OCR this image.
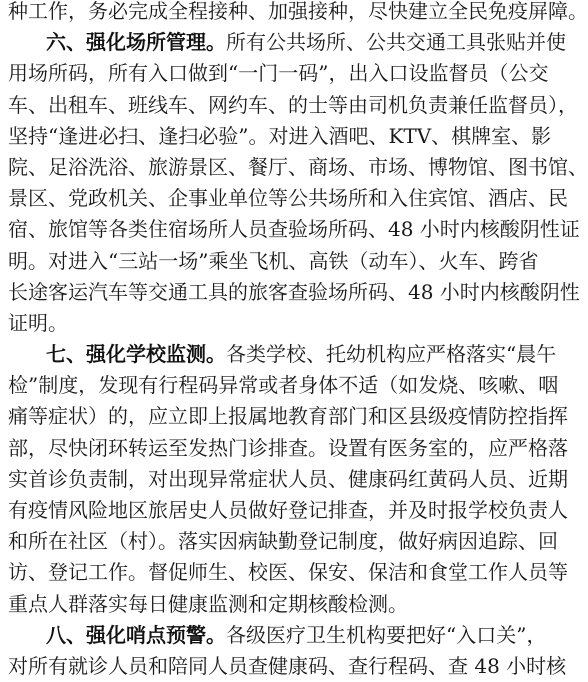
种工作，务必完成全程接种、加强接种，尽快建立全民免疫屏障。
六、强化场所管理。所有公共场所、公共交通工具张贴并使
用场所码，所有入口做到“一门一码”，出入口设监督员（公交
车、出租车、班线车、网约车、的士等由司机负责兼任监督员），
坚持“逢进必扫、逢扫必验”。对进入酒吧、KTV、棋牌室、影
院、足浴洗浴、旅游景区、餐厅、商场、市场、博物馆、图书馆、
景区、党政机关、企事业单位等公共场所和入住宾馆、酒店、民
宿、旅馆等各类住宿场所人员查验场所码、48 小时内核酸阴性证
明。对进入“三站一场”乘坐飞机、高铁（动车）、火车、跨省
长途客运汽车等交通工具的旅客查验场所码、48 小时内核酸阴性
证明。
七、强化学校监测。各类学校、托幼机构应严格落实“晨午
检”制度，发现有行程码异常或者身体不适（如发烧、咳嗽、咽
痛等症状）的，应立即上报属地教育部门和区县级疫情防控指挥
部，尽快闭环转运至发热门诊排查。设置有医务室的，应严格落
实首诊负责制，对出现异常症状人员、健康码红黄码人员、近期
有疫情风险地区旅居史人员做好登记排查，并及时报学校负责人
和所在社区（村）。落实因病缺勤登记制度，做好病因追踪、回
访、登记工作。督促师生、校医、保安、保洁和食堂工作人员等
重点人群落实每日健康监测和定期核酸检测。
八、强化哨点预警。各级医疗卫生机构要把好“入口关”，
对所有就诊人员和陪同人员查健康码、查行程码、查 48 小时核
